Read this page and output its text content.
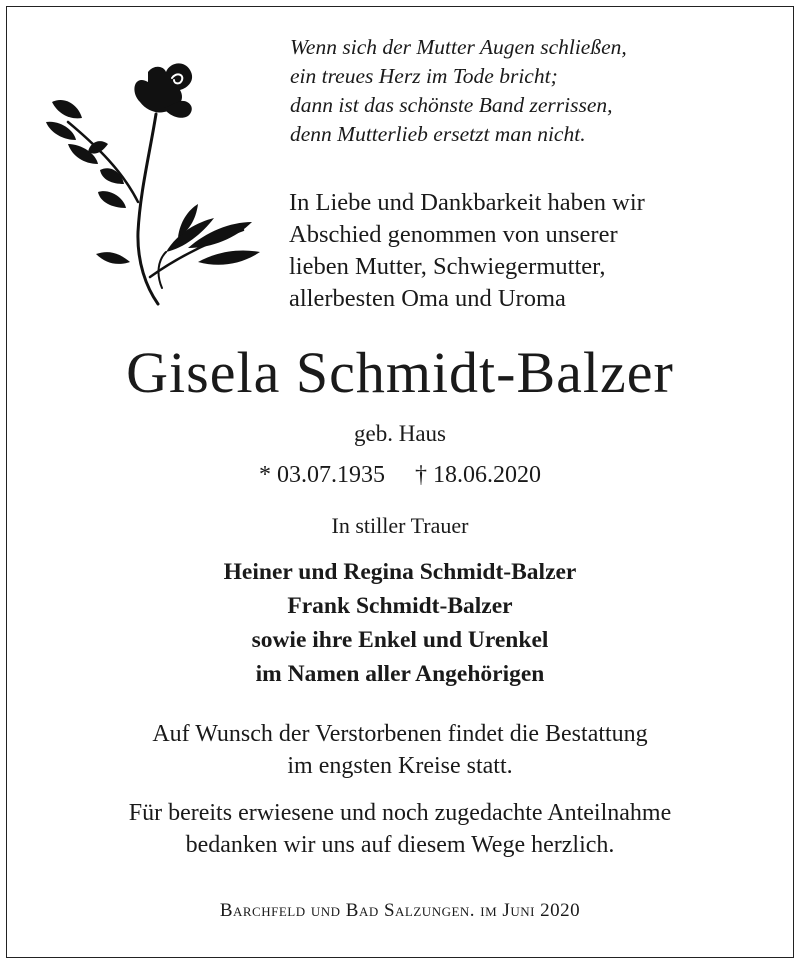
Wenn sich der Mutter Augen schließen,
ein treues Herz im Tode bricht;
dann ist das schönste Band zerrissen,
denn Mutterlieb ersetzt man nicht.
In Liebe und Dankbarkeit haben wir
Abschied genommen von unserer
lieben Mutter, Schwiegermutter,
allerbesten Oma und Uroma
Gisela Schmidt-Balzer
geb. Haus
* 03.07.1935 † 18.06.2020
In stiller Trauer
Heiner und Regina Schmidt-Balzer
Frank Schmidt-Balzer
sowie ihre Enkel und Urenkel
im Namen aller Angehörigen
Auf Wunsch der Verstorbenen findet die Bestattung
im engsten Kreise statt.
Für bereits erwiesene und noch zugedachte Anteilnahme
bedanken wir uns auf diesem Wege herzlich.
Barchfeld und Bad Salzungen. im Juni 2020
